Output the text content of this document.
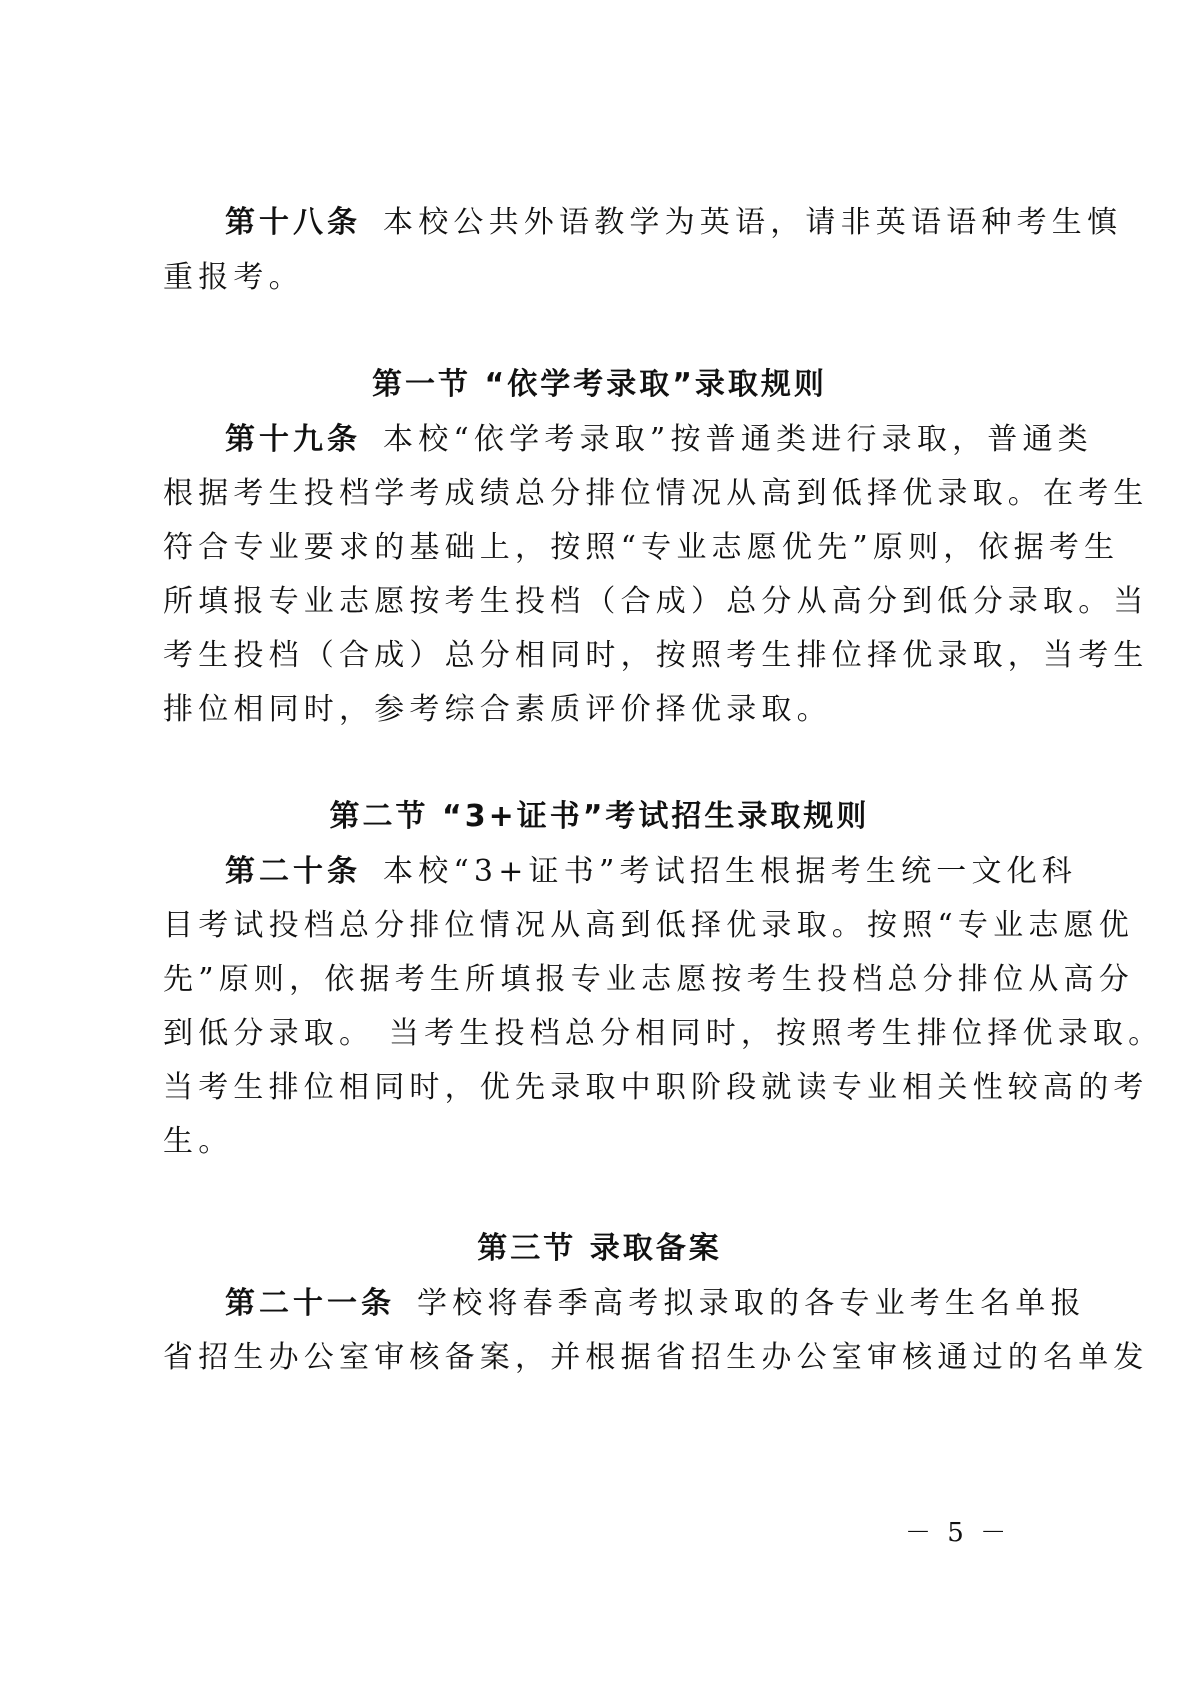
第十八条 本校公共外语教学为英语，请非英语语种考生慎
重报考。
第一节 “依学考录取”录取规则
第十九条 本校“依学考录取”按普通类进行录取，普通类
根据考生投档学考成绩总分排位情况从高到低择优录取。在考生
符合专业要求的基础上，按照“专业志愿优先”原则，依据考生
所填报专业志愿按考生投档（合成）总分从高分到低分录取。当
考生投档（合成）总分相同时，按照考生排位择优录取，当考生
排位相同时，参考综合素质评价择优录取。
第二节 “3+证书”考试招生录取规则
第二十条 本校“3+证书”考试招生根据考生统一文化科
目考试投档总分排位情况从高到低择优录取。按照“专业志愿优
先”原则，依据考生所填报专业志愿按考生投档总分排位从高分
到低分录取。 当考生投档总分相同时，按照考生排位择优录取。
当考生排位相同时，优先录取中职阶段就读专业相关性较高的考
生。
第三节 录取备案
第二十一条 学校将春季高考拟录取的各专业考生名单报
省招生办公室审核备案，并根据省招生办公室审核通过的名单发
－ 5 －
